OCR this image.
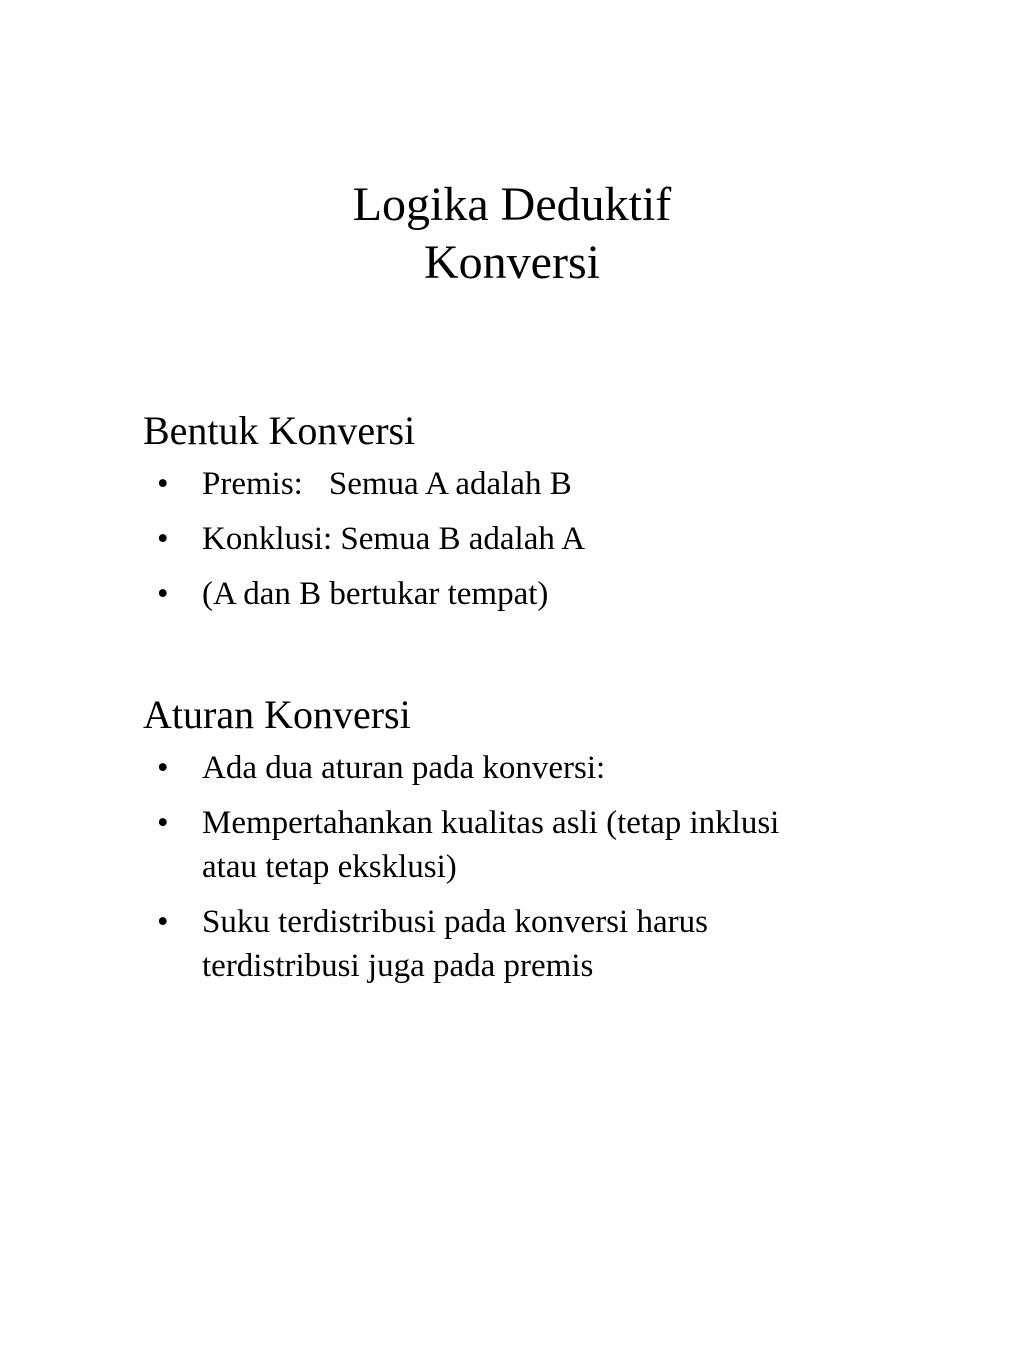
Logika Deduktif
Konversi
Bentuk Konversi
• Premis: Semua A adalah B
• Konklusi: Semua B adalah A
• (A dan B bertukar tempat)
Aturan Konversi
• Ada dua aturan pada konversi:
• Mempertahankan kualitas asli (tetap inklusi
atau tetap eksklusi)
• Suku terdistribusi pada konversi harus
terdistribusi juga pada premis
